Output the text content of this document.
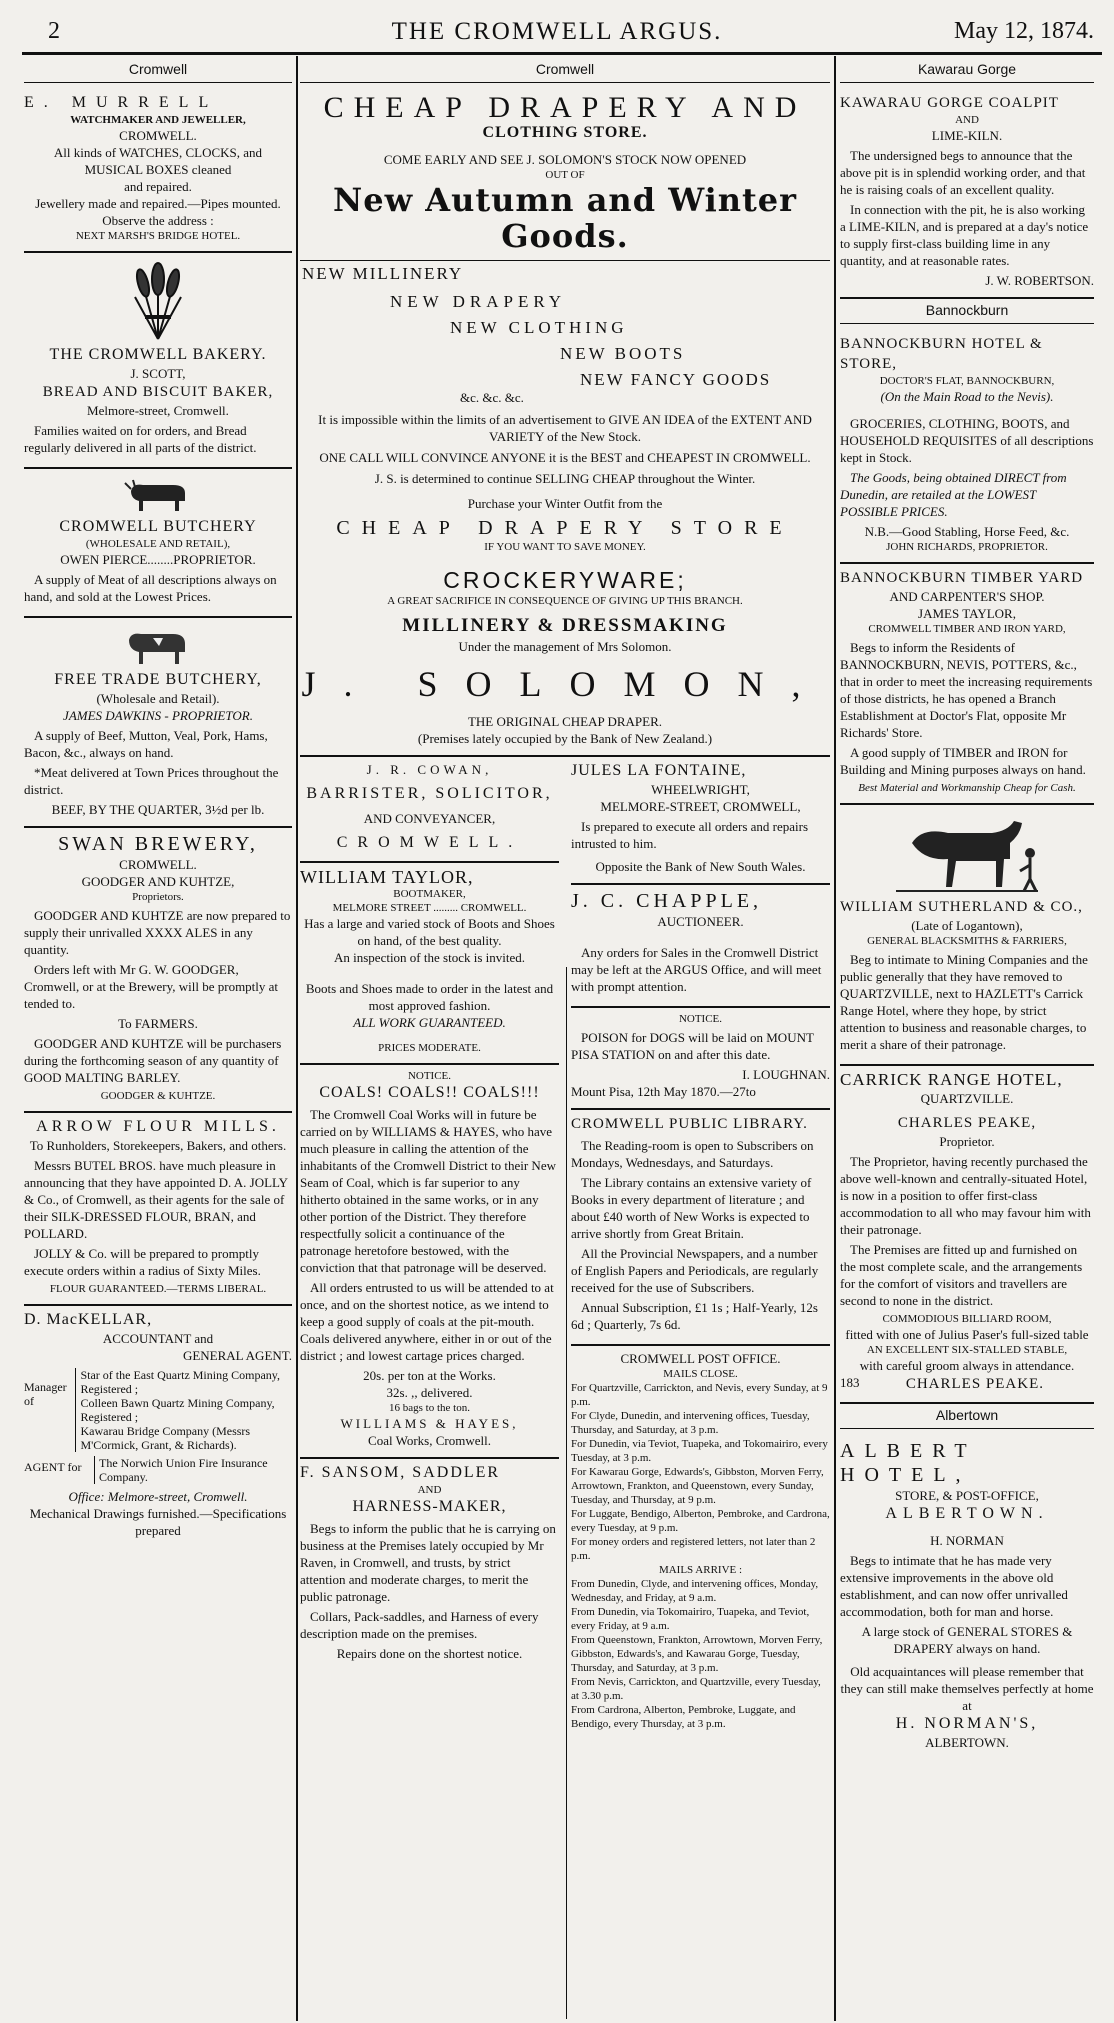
2	THE CROMWELL ARGUS.	May 12, 1874.
Cromwell
E. MURRELL
WATCHMAKER AND JEWELLER,
CROMWELL.
All kinds of WATCHES, CLOCKS, and
MUSICAL BOXES cleaned
and repaired.
Jewellery made and repaired.—Pipes mounted.
Observe the address :
NEXT MARSH'S BRIDGE HOTEL.
THE CROMWELL BAKERY.
J. SCOTT,
BREAD AND BISCUIT BAKER,
Melmore-street, Cromwell.

Families waited on for orders, and Bread regularly delivered in all parts of the district.

CROMWELL BUTCHERY
(WHOLESALE AND RETAIL),
OWEN PIERCE........PROPRIETOR.

A supply of Meat of all descriptions always on hand, and sold at the Lowest Prices.

FREE TRADE BUTCHERY,
(Wholesale and Retail).
JAMES DAWKINS - PROPRIETOR.

A supply of Beef, Mutton, Veal, Pork, Hams, Bacon, &c., always on hand.

*Meat delivered at Town Prices throughout the district.

BEEF, BY THE QUARTER, 3½d per lb.
SWAN BREWERY,
CROMWELL.
GOODGER AND KUHTZE,
Proprietors.

GOODGER AND KUHTZE are now prepared to supply their unrivalled XXXX ALES in any quantity.

Orders left with Mr G. W. GOODGER, Cromwell, or at the Brewery, will be promptly at tended to.

To FARMERS.

GOODGER AND KUHTZE will be purchasers during the forthcoming season of any quantity of GOOD MALTING BARLEY.

GOODGER & KUHTZE.
ARROW FLOUR MILLS.
To Runholders, Storekeepers, Bakers, and others.

Messrs BUTEL BROS. have much pleasure in announcing that they have appointed D. A. JOLLY & Co., of Cromwell, as their agents for the sale of their SILK-DRESSED FLOUR, BRAN, and POLLARD.

JOLLY & Co. will be prepared to promptly execute orders within a radius of Sixty Miles.

FLOUR GUARANTEED.—TERMS LIBERAL.
D. MacKELLAR,
ACCOUNTANT and
GENERAL AGENT.
Manager of
Star of the East Quartz Mining Company, Registered ;
Colleen Bawn Quartz Mining Company, Registered ;
Kawarau Bridge Company (Messrs M'Cormick, Grant, & Richards).
AGENT for	The Norwich Union Fire Insurance Company.
Office: Melmore-street, Cromwell.
Mechanical Drawings furnished.—Specifications prepared
Cromwell
CHEAP DRAPERY AND
CLOTHING STORE.
COME EARLY AND SEE J. SOLOMON'S STOCK NOW OPENED
OUT OF
New Autumn and Winter Goods.
NEW MILLINERY
NEW DRAPERY
NEW CLOTHING
NEW BOOTS
NEW FANCY GOODS
&c. &c. &c.
It is impossible within the limits of an advertisement to GIVE AN IDEA of the EXTENT AND VARIETY of the New Stock.
ONE CALL WILL CONVINCE ANYONE it is the BEST and CHEAPEST IN CROMWELL.
J. S. is determined to continue SELLING CHEAP throughout the Winter.
Purchase your Winter Outfit from the
CHEAP DRAPERY STORE
IF YOU WANT TO SAVE MONEY.
CROCKERYWARE;
A GREAT SACRIFICE IN CONSEQUENCE OF GIVING UP THIS BRANCH.
MILLINERY & DRESSMAKING
Under the management of Mrs Solomon.
J. SOLOMON,
THE ORIGINAL CHEAP DRAPER.
(Premises lately occupied by the Bank of New Zealand.)
J. R. COWAN,
BARRISTER, SOLICITOR,
AND CONVEYANCER,
CROMWELL.
WILLIAM TAYLOR,
BOOTMAKER,
MELMORE STREET ......... CROMWELL.
Has a large and varied stock of Boots and Shoes on hand, of the best quality.
An inspection of the stock is invited.
Boots and Shoes made to order in the latest and most approved fashion.
ALL WORK GUARANTEED.
PRICES MODERATE.
NOTICE.
COALS! COALS!! COALS!!!

The Cromwell Coal Works will in future be carried on by WILLIAMS & HAYES, who have much pleasure in calling the attention of the inhabitants of the Cromwell District to their New Seam of Coal, which is far superior to any hitherto obtained in the same works, or in any other portion of the District. They therefore respectfully solicit a continuance of the patronage heretofore bestowed, with the conviction that that patronage will be deserved.

All orders entrusted to us will be attended to at once, and on the shortest notice, as we intend to keep a good supply of coals at the pit-mouth. Coals delivered anywhere, either in or out of the district ; and lowest cartage prices charged.

20s. per ton at the Works.
32s. ,, delivered.
16 bags to the ton.
WILLIAMS & HAYES,
Coal Works, Cromwell.
F. SANSOM, SADDLER
AND
HARNESS-MAKER,

Begs to inform the public that he is carrying on business at the Premises lately occupied by Mr Raven, in Cromwell, and trusts, by strict attention and moderate charges, to merit the public patronage.

Collars, Pack-saddles, and Harness of every description made on the premises.

Repairs done on the shortest notice.
JULES LA FONTAINE,
WHEELWRIGHT,
MELMORE-STREET, CROMWELL,

Is prepared to execute all orders and repairs intrusted to him.

Opposite the Bank of New South Wales.
J. C. CHAPPLE,
AUCTIONEER.

Any orders for Sales in the Cromwell District may be left at the ARGUS Office, and will meet with prompt attention.

NOTICE.

POISON for DOGS will be laid on MOUNT PISA STATION on and after this date.

I. LOUGHNAN.
Mount Pisa, 12th May 1870.—27to
CROMWELL PUBLIC LIBRARY.

The Reading-room is open to Subscribers on Mondays, Wednesdays, and Saturdays.

The Library contains an extensive variety of Books in every department of literature ; and about £40 worth of New Works is expected to arrive shortly from Great Britain.

All the Provincial Newspapers, and a number of English Papers and Periodicals, are regularly received for the use of Subscribers.

Annual Subscription, £1 1s ; Half-Yearly, 12s 6d ; Quarterly, 7s 6d.

CROMWELL POST OFFICE.
MAILS CLOSE.
For Quartzville, Carrickton, and Nevis, every Sunday, at 9 p.m.
For Clyde, Dunedin, and intervening offices, Tuesday, Thursday, and Saturday, at 3 p.m.
For Dunedin, via Teviot, Tuapeka, and Tokomairiro, every Tuesday, at 3 p.m.
For Kawarau Gorge, Edwards's, Gibbston, Morven Ferry, Arrowtown, Frankton, and Queenstown, every Sunday, Tuesday, and Thursday, at 9 p.m.
For Luggate, Bendigo, Alberton, Pembroke, and Cardrona, every Tuesday, at 9 p.m.
For money orders and registered letters, not later than 2 p.m.
MAILS ARRIVE :
From Dunedin, Clyde, and intervening offices, Monday, Wednesday, and Friday, at 9 a.m.
From Dunedin, via Tokomairiro, Tuapeka, and Teviot, every Friday, at 9 a.m.
From Queenstown, Frankton, Arrowtown, Morven Ferry, Gibbston, Edwards's, and Kawarau Gorge, Tuesday, Thursday, and Saturday, at 3 p.m.
From Nevis, Carrickton, and Quartzville, every Tuesday, at 3.30 p.m.
From Cardrona, Alberton, Pembroke, Luggate, and Bendigo, every Thursday, at 3 p.m.
Kawarau Gorge
KAWARAU GORGE COALPIT
AND
LIME-KILN.

The undersigned begs to announce that the above pit is in splendid working order, and that he is raising coals of an excellent quality.

In connection with the pit, he is also working a LIME-KILN, and is prepared at a day's notice to supply first-class building lime in any quantity, and at reasonable rates.

J. W. ROBERTSON.
Bannockburn
BANNOCKBURN HOTEL & STORE,
DOCTOR'S FLAT, BANNOCKBURN,
(On the Main Road to the Nevis).

GROCERIES, CLOTHING, BOOTS, and HOUSEHOLD REQUISITES of all descriptions kept in Stock.

The Goods, being obtained DIRECT from Dunedin, are retailed at the LOWEST POSSIBLE PRICES.

N.B.—Good Stabling, Horse Feed, &c.
JOHN RICHARDS, PROPRIETOR.
BANNOCKBURN TIMBER YARD
AND CARPENTER'S SHOP.
JAMES TAYLOR,
CROMWELL TIMBER AND IRON YARD,

Begs to inform the Residents of BANNOCKBURN, NEVIS, POTTERS, &c., that in order to meet the increasing requirements of those districts, he has opened a Branch Establishment at Doctor's Flat, opposite Mr Richards' Store.

A good supply of TIMBER and IRON for Building and Mining purposes always on hand.

Best Material and Workmanship Cheap for Cash.
WILLIAM SUTHERLAND & CO.,
(Late of Logantown),
GENERAL BLACKSMITHS & FARRIERS,

Beg to intimate to Mining Companies and the public generally that they have removed to QUARTZVILLE, next to HAZLETT's Carrick Range Hotel, where they hope, by strict attention to business and reasonable charges, to merit a share of their patronage.

CARRICK RANGE HOTEL,
QUARTZVILLE.
CHARLES PEAKE,
Proprietor.

The Proprietor, having recently purchased the above well-known and centrally-situated Hotel, is now in a position to offer first-class accommodation to all who may favour him with their patronage.

The Premises are fitted up and furnished on the most complete scale, and the arrangements for the comfort of visitors and travellers are second to none in the district.

COMMODIOUS BILLIARD ROOM,
fitted with one of Julius Paser's full-sized table
AN EXCELLENT SIX-STALLED STABLE,
with careful groom always in attendance.
183	CHARLES PEAKE.
Albertown
ALBERT HOTEL,
STORE, & POST-OFFICE,
ALBERTOWN.
H. NORMAN

Begs to intimate that he has made very extensive improvements in the above old establishment, and can now offer unrivalled accommodation, both for man and horse.

A large stock of GENERAL STORES & DRAPERY always on hand.
Old acquaintances will please remember that they can still make themselves perfectly at home at
H. NORMAN'S,
ALBERTOWN.
